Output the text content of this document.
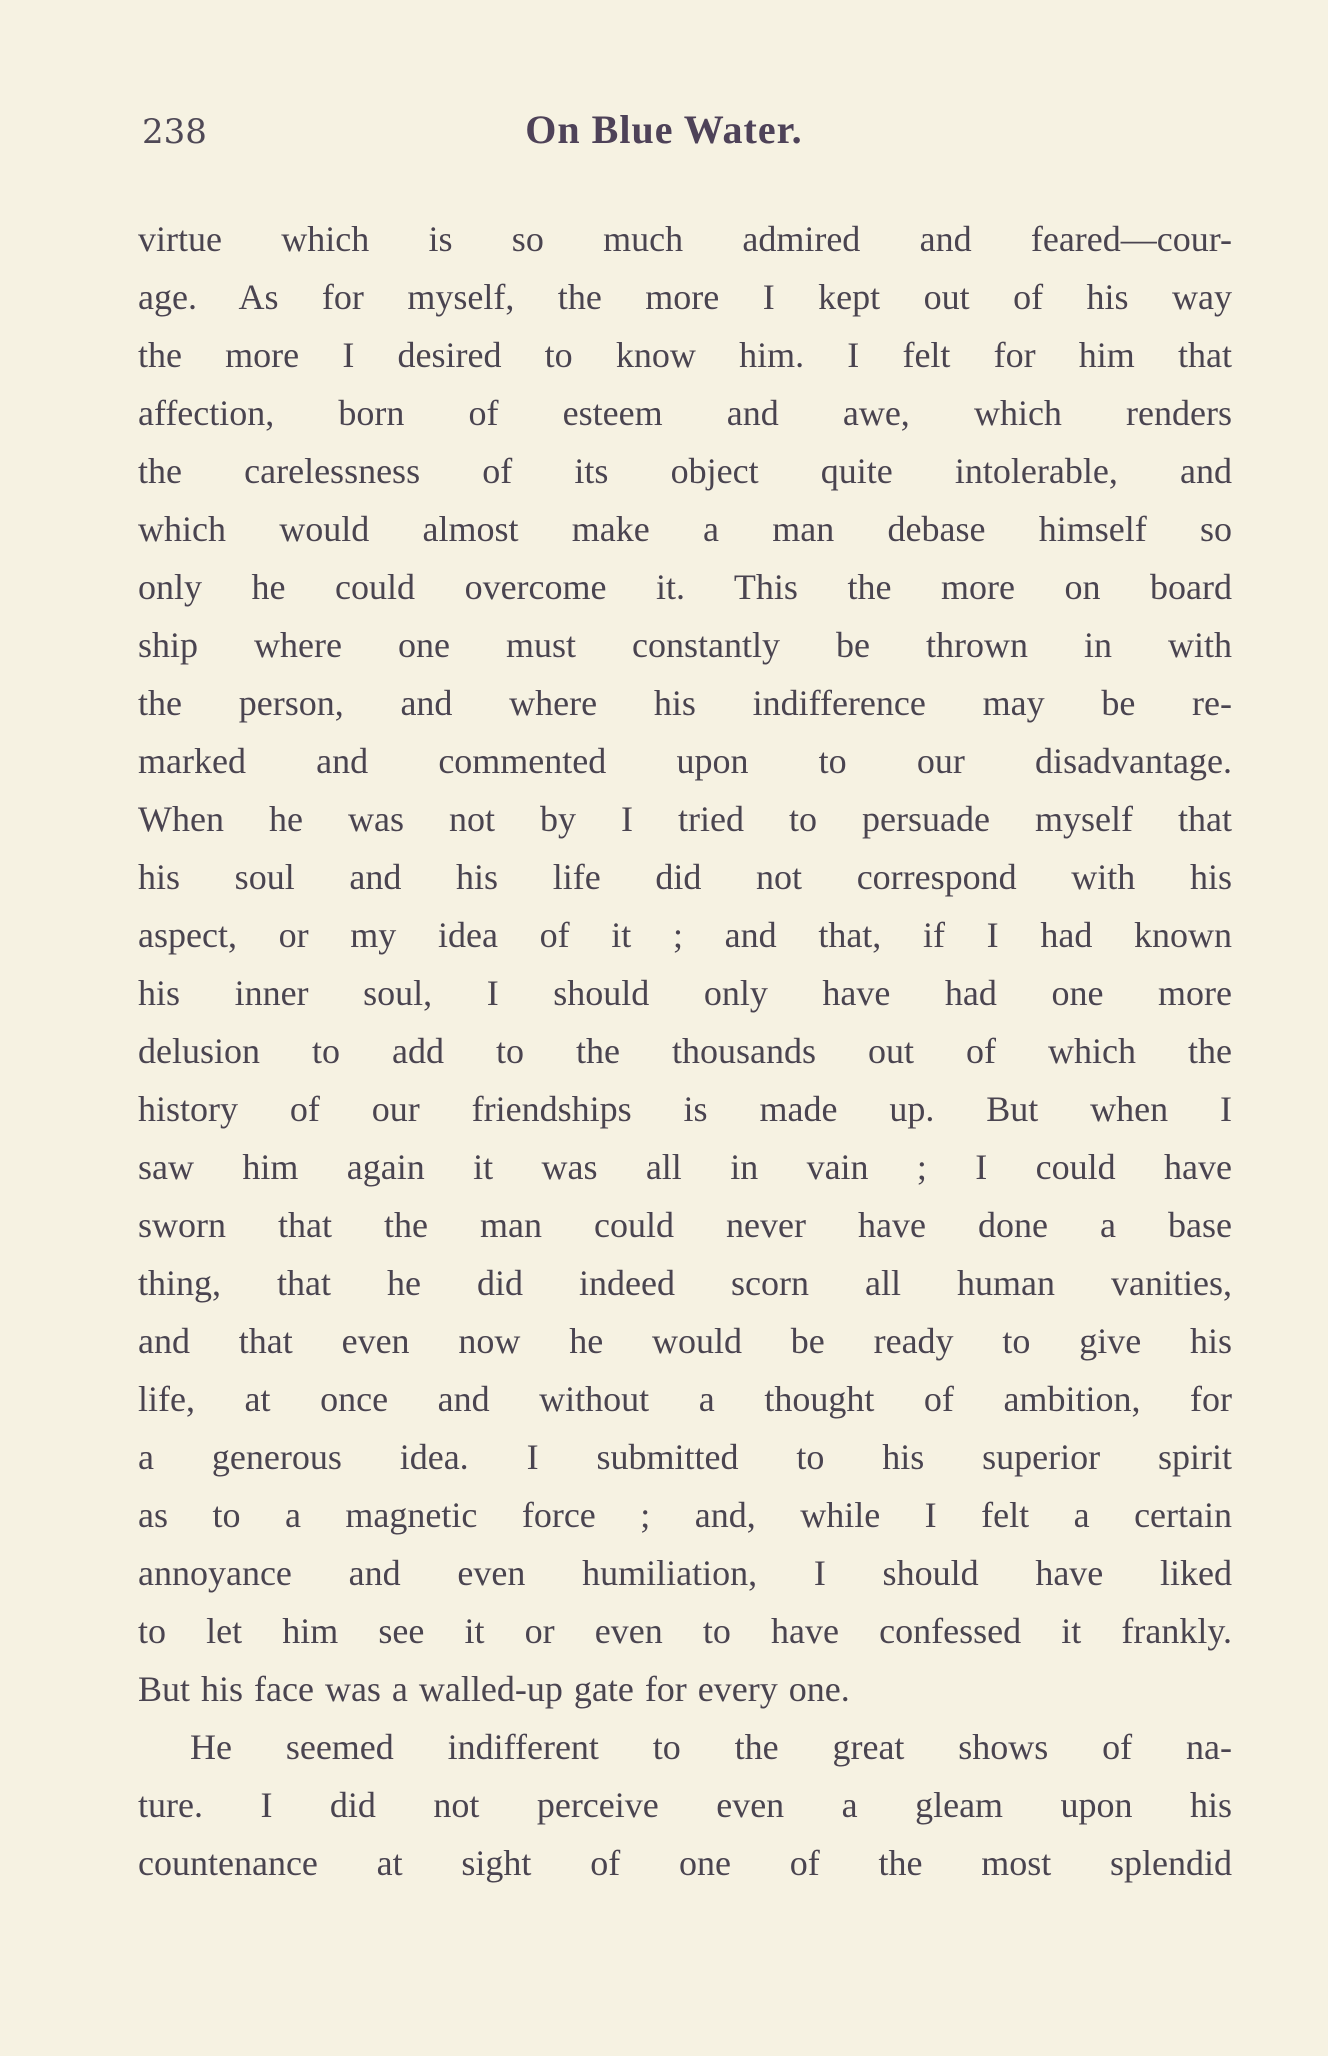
238	On Blue Water.
virtue which is so much admired and feared—cour-
age. As for myself, the more I kept out of his way
the more I desired to know him. I felt for him that
affection, born of esteem and awe, which renders
the carelessness of its object quite intolerable, and
which would almost make a man debase himself so
only he could overcome it. This the more on board
ship where one must constantly be thrown in with
the person, and where his indifference may be re-
marked and commented upon to our disadvantage.
When he was not by I tried to persuade myself that
his soul and his life did not correspond with his
aspect, or my idea of it ; and that, if I had known
his inner soul, I should only have had one more
delusion to add to the thousands out of which the
history of our friendships is made up. But when I
saw him again it was all in vain ; I could have
sworn that the man could never have done a base
thing, that he did indeed scorn all human vanities,
and that even now he would be ready to give his
life, at once and without a thought of ambition, for
a generous idea. I submitted to his superior spirit
as to a magnetic force ; and, while I felt a certain
annoyance and even humiliation, I should have liked
to let him see it or even to have confessed it frankly.
But his face was a walled-up gate for every one.
He seemed indifferent to the great shows of na-
ture. I did not perceive even a gleam upon his
countenance at sight of one of the most splendid
